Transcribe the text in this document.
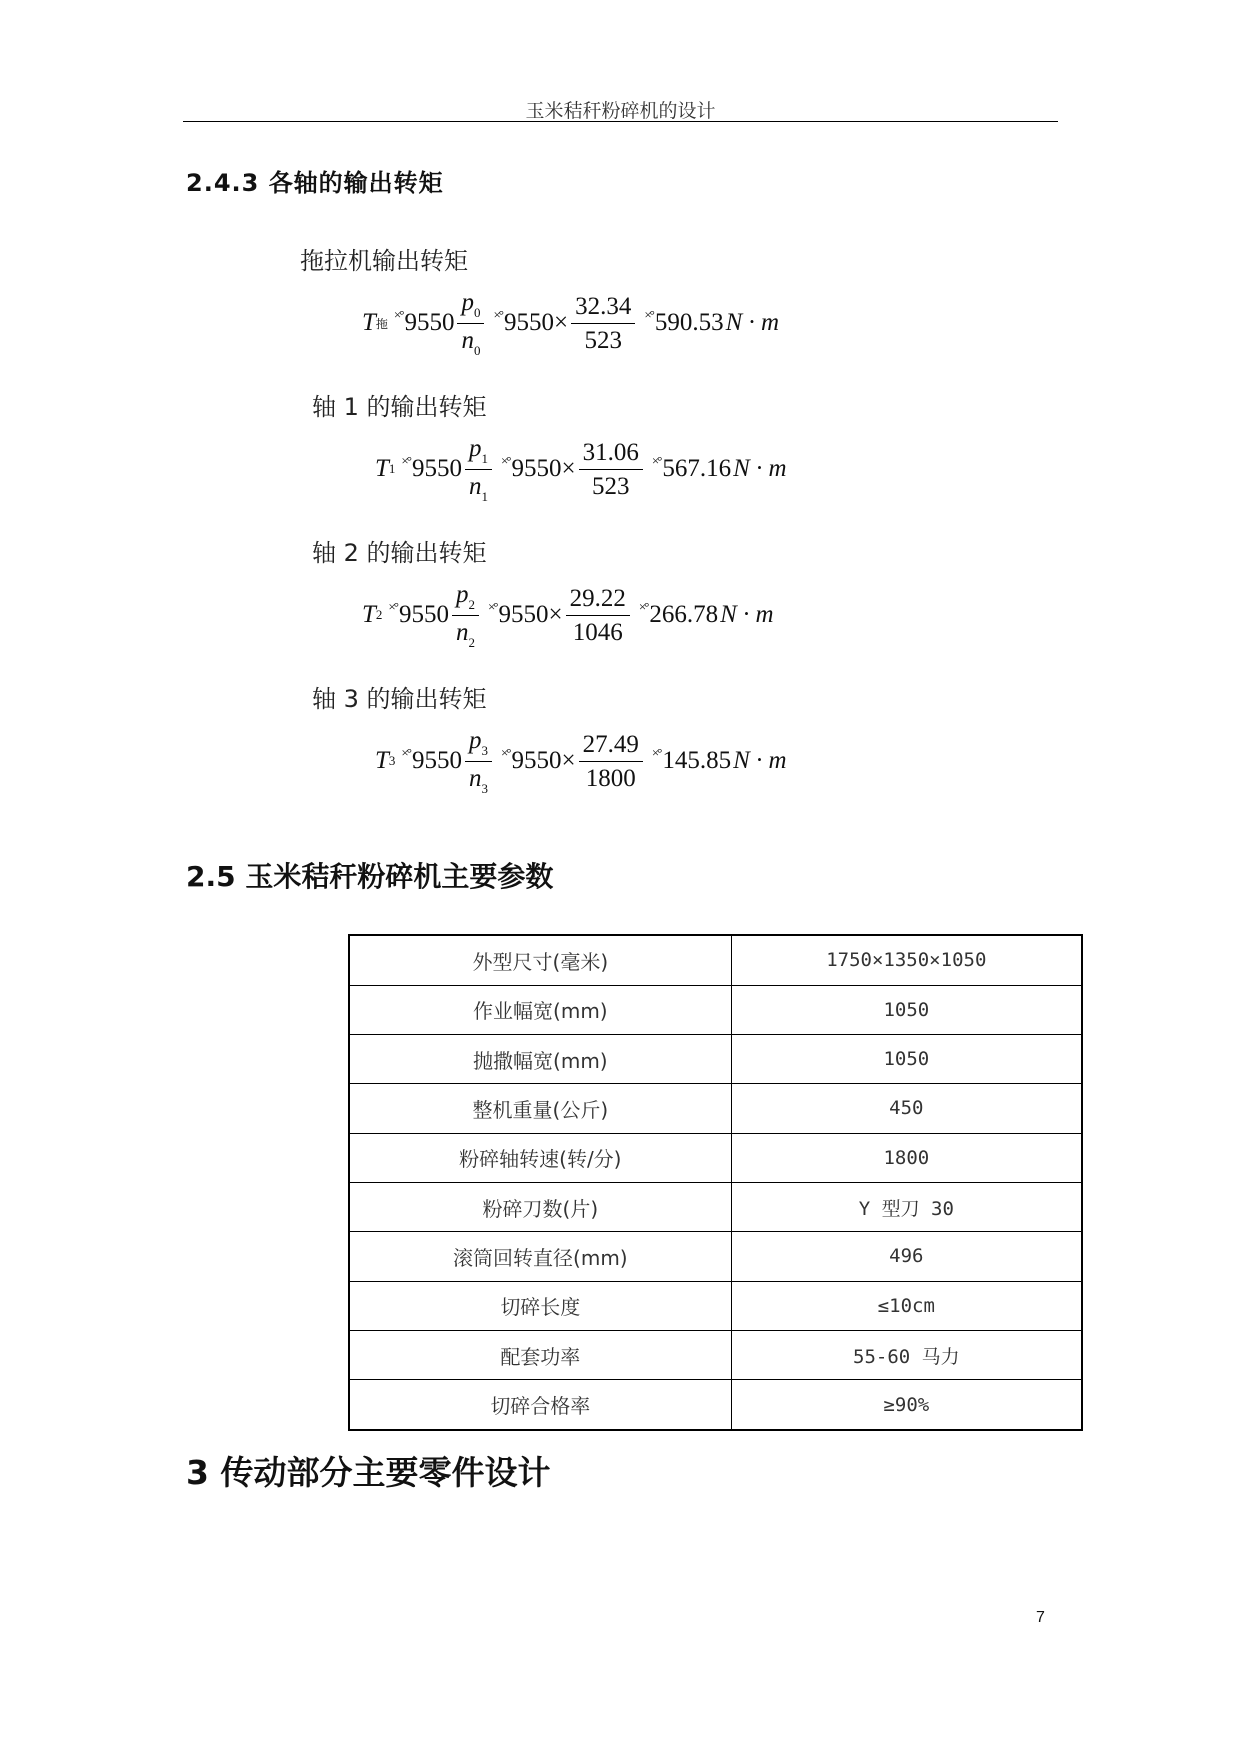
玉米秸秆粉碎机的设计
2.4.3 各轴的输出转矩
拖拉机输出转矩
T 拖
×° $9550 \frac{p_0}{n_0}$ ×° $9550 \times \frac{32.34}{523}$ ×° 590.53 N · m
轴 1 的输出转矩
T 1
×° $9550 \frac{p_1}{n_1}$ ×° $9550 \times \frac{31.06}{523}$ ×° 567.16 N · m
轴 2 的输出转矩
T 2
×° $9550 \frac{p_2}{n_2}$ ×° $9550 \times \frac{29.22}{1046}$ ×° 266.78 N · m
轴 3 的输出转矩
T 3
×° $9550 \frac{p_3}{n_3}$ ×° $9550 \times \frac{27.49}{1800}$ ×° 145.85 N · m
2.5 玉米秸秆粉碎机主要参数
外型尺寸(毫米)	1750×1350×1050
作业幅宽(mm)	1050
抛撒幅宽(mm)	1050
整机重量(公斤)	450
粉碎轴转速(转/分)	1800
粉碎刀数(片)	Y 型刀 30
滚筒回转直径(mm)	496
切碎长度	≤10cm
配套功率	55-60 马力
切碎合格率	≥90%
3 传动部分主要零件设计
7
